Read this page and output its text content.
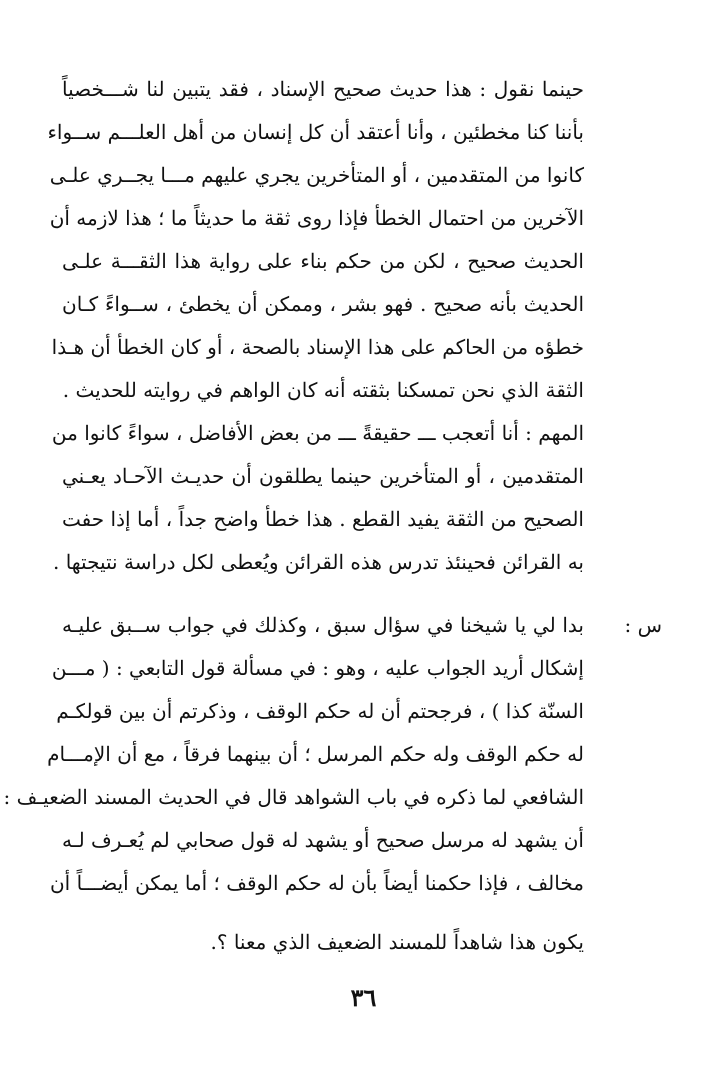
حينما نقول : هذا حديث صحيح الإسناد ، فقد يتبين لنا شـــخصياً
بأننا كنا مخطئين ، وأنا أعتقد أن كل إنسان من أهل العلـــم ســواء
كانوا من المتقدمين ، أو المتأخرين يجري عليهم مـــا يجــري علـى
الآخرين من احتمال الخطأ فإذا روى ثقة ما حديثاً ما ؛ هذا لازمه أن
الحديث صحيح ، لكن من حكم بناء على رواية هذا الثقـــة علـى
الحديث بأنه صحيح . فهو بشر ، وممكن أن يخطئ ، ســواءً كـان
خطؤه من الحاكم على هذا الإسناد بالصحة ، أو كان الخطأ أن هـذا
الثقة الذي نحن تمسكنا بثقته أنه كان الواهم في روايته للحديث .
المهم : أنا أتعجب ـــ حقيقةً ـــ من بعض الأفاضل ، سواءً كانوا من
المتقدمين ، أو المتأخرين حينما يطلقون أن حديـث الآحـاد يعـني
الصحيح من الثقة يفيد القطع . هذا خطأ واضح جداً ، أما إذا حفت
به القرائن فحينئذ تدرس هذه القرائن ويُعطى لكل دراسة نتيجتها .
س :
بدا لي يا شيخنا في سؤال سبق ، وكذلك في جواب ســبق عليـه
إشكال أريد الجواب عليه ، وهو : في مسألة قول التابعي : ( مـــن
السنّة كذا ) ، فرجحتم أن له حكم الوقف ، وذكرتم أن بين قولكـم
له حكم الوقف وله حكم المرسل ؛ أن بينهما فرقاً ، مع أن الإمـــام
الشافعي لما ذكره في باب الشواهد قال في الحديث المسند الضعيـف :
أن يشهد له مرسل صحيح أو يشهد له قول صحابي لم يُعـرف لـه
مخالف ، فإذا حكمنا أيضاً بأن له حكم الوقف ؛ أما يمكن أيضـــاً أن
يكون هذا شاهداً للمسند الضعيف الذي معنا ؟.
٣٦
